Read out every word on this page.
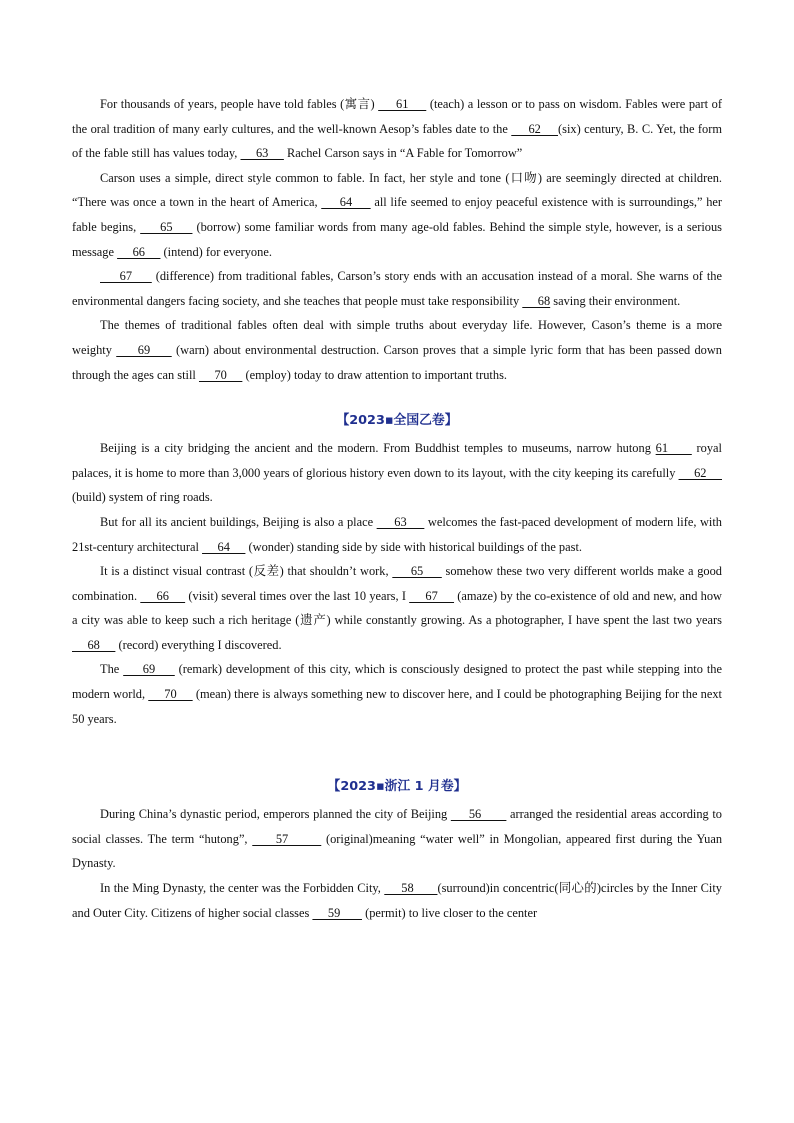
For thousands of years, people have told fables (寓言)      61      (teach) a lesson or to pass on wisdom. Fables were part of the oral tradition of many early cultures, and the well-known Aesop’s fables date to the      62     (six) century, B. C. Yet, the form of the fable still has values today,      63      Rachel Carson says in “A Fable for Tomorrow”

Carson uses a simple, direct style common to fable. In fact, her style and tone (口吻) are seemingly directed at children. “There was once a town in the heart of America,      64      all life seemed to enjoy peaceful existence with is surroundings,” her fable begins,      65      (borrow) some familiar words from many age-old fables. Behind the simple style, however, is a serious message      66      (intend) for everyone.

67      (difference) from traditional fables, Carson’s story ends with an accusation instead of a moral. She warns of the environmental dangers facing society, and she teaches that people must take responsibility      68 saving their environment.

The themes of traditional fables often deal with simple truths about everyday life. However, Cason’s theme is a more weighty      69      (warn) about environmental destruction. Carson proves that a simple lyric form that has been passed down through the ages can still      70      (employ) today to draw attention to important truths.

【2023▪全国乙卷】

Beijing is a city bridging the ancient and the modern. From Buddhist temples to museums, narrow hutong 61      royal palaces, it is home to more than 3,000 years of glorious history even down to its layout, with the city keeping its carefully      62      (build) system of ring roads.

But for all its ancient buildings, Beijing is also a place      63      welcomes the fast-paced development of modern life, with 21st-century architectural      64      (wonder) standing side by side with historical buildings of the past.

It is a distinct visual contrast (反差) that shouldn’t work,      65      somehow these two very different worlds make a good combination.      66      (visit) several times over the last 10 years, I      67      (amaze) by the co-existence of old and new, and how a city was able to keep such a rich heritage (遗产) while constantly growing. As a photographer, I have spent the last two years      68      (record) everything I discovered.

The      69      (remark) development of this city, which is consciously designed to protect the past while stepping into the modern world,      70      (mean) there is always something new to discover here, and I could be photographing Beijing for the next 50 years.

【2023▪浙江 1 月卷】

During China’s dynastic period, emperors planned the city of Beijing      56        arranged the residential areas according to social classes. The term “hutong”,      57        (original)meaning “water well” in Mongolian, appeared first during the Yuan Dynasty.

In the Ming Dynasty, the center was the Forbidden City,      58       (surround)in concentric(同心的)circles by the Inner City and Outer City. Citizens of higher social classes      59        (permit) to live closer to the center
